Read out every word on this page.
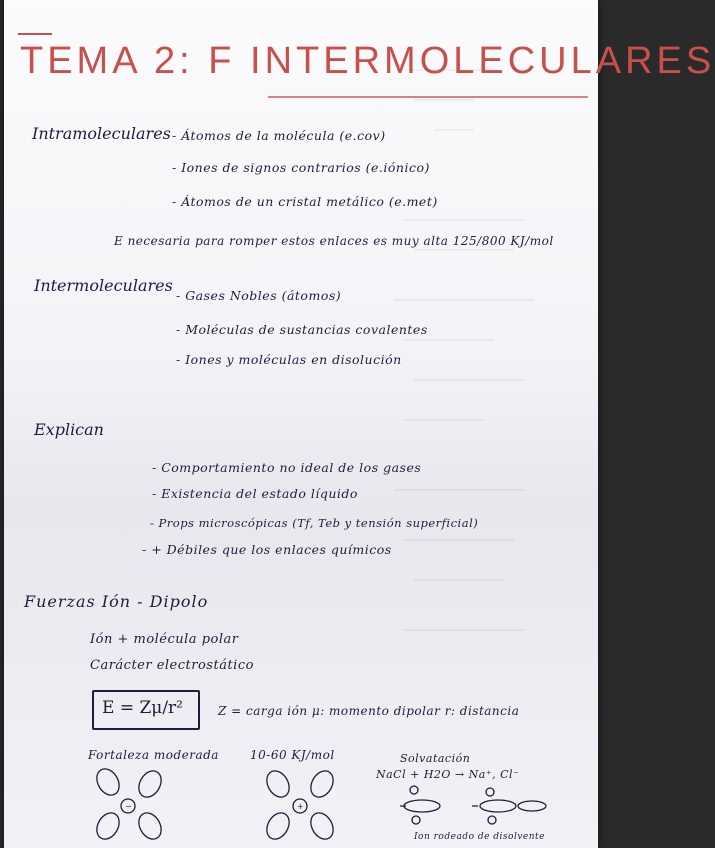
TEMA 2: F INTERMOLECULARES
Intramoleculares - Átomos de la molécula (e.cov)
- Iones de signos contrarios (e.iónico)
- Átomos de un cristal metálico (e.met)
E necesaria para romper estos enlaces es muy alta 125/800 KJ/mol
Intermoleculares
- Gases Nobles (átomos)
- Moléculas de sustancias covalentes
- Iones y moléculas en disolución
Explican
- Comportamiento no ideal de los gases
- Existencia del estado líquido
- Props microscópicas (Tf, Teb y tensión superficial)
- + Débiles que los enlaces químicos
Fuerzas Ión - Dipolo
Ión + molécula polar
Carácter electrostático
E = Zμ/r²	Z = carga ión μ: momento dipolar r: distancia
Fortaleza moderada	10-60 KJ/mol	Solvatación
NaCl + H2O → Na⁺, Cl⁻
Ion rodeado de disolvente
−	+
